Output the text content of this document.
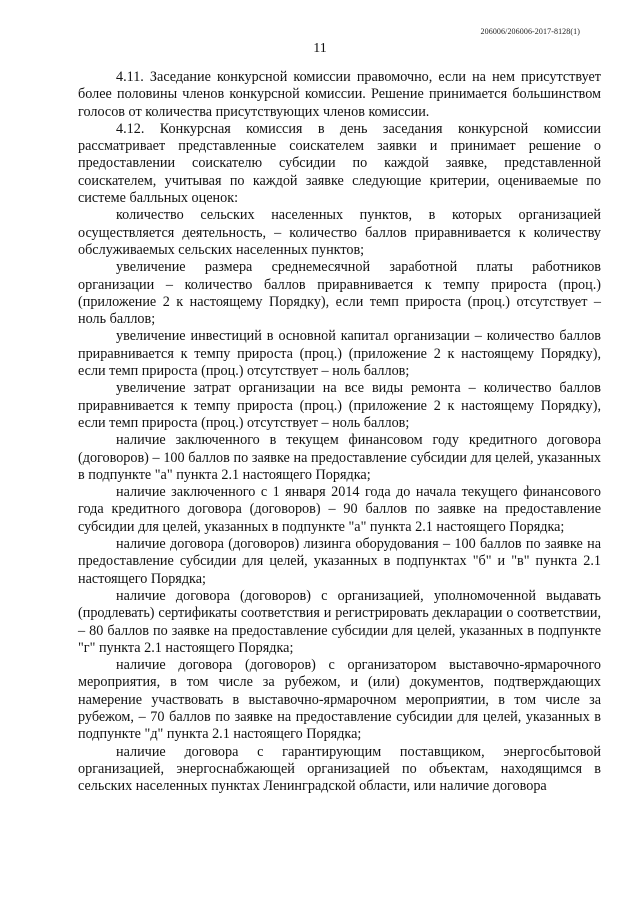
206006/206006-2017-8128(1)
11

4.11. Заседание конкурсной комиссии правомочно, если на нем присутствует более половины членов конкурсной комиссии. Решение принимается большинством голосов от количества присутствующих членов комиссии.

4.12. Конкурсная комиссия в день заседания конкурсной комиссии рассматривает представленные соискателем заявки и принимает решение о предоставлении соискателю субсидии по каждой заявке, представленной соискателем, учитывая по каждой заявке следующие критерии, оцениваемые по системе балльных оценок:

количество сельских населенных пунктов, в которых организацией осуществляется деятельность, – количество баллов приравнивается к количеству обслуживаемых сельских населенных пунктов;

увеличение размера среднемесячной заработной платы работников организации – количество баллов приравнивается к темпу прироста (проц.) (приложение 2 к настоящему Порядку), если темп прироста (проц.) отсутствует – ноль баллов;

увеличение инвестиций в основной капитал организации – количество баллов приравнивается к темпу прироста (проц.) (приложение 2 к настоящему Порядку), если темп прироста (проц.) отсутствует – ноль баллов;

увеличение затрат организации на все виды ремонта – количество баллов приравнивается к темпу прироста (проц.) (приложение 2 к настоящему Порядку), если темп прироста (проц.) отсутствует – ноль баллов;

наличие заключенного в текущем финансовом году кредитного договора (договоров) – 100 баллов по заявке на предоставление субсидии для целей, указанных в подпункте "а" пункта 2.1 настоящего Порядка;

наличие заключенного с 1 января 2014 года до начала текущего финансового года кредитного договора (договоров) – 90 баллов по заявке на предоставление субсидии для целей, указанных в подпункте "а" пункта 2.1 настоящего Порядка;

наличие договора (договоров) лизинга оборудования – 100 баллов по заявке на предоставление субсидии для целей, указанных в подпунктах "б" и "в" пункта 2.1 настоящего Порядка;

наличие договора (договоров) с организацией, уполномоченной выдавать (продлевать) сертификаты соответствия и регистрировать декларации о соответствии, – 80 баллов по заявке на предоставление субсидии для целей, указанных в подпункте "г" пункта 2.1 настоящего Порядка;

наличие договора (договоров) с организатором выставочно-ярмарочного мероприятия, в том числе за рубежом, и (или) документов, подтверждающих намерение участвовать в выставочно-ярмарочном мероприятии, в том числе за рубежом, – 70 баллов по заявке на предоставление субсидии для целей, указанных в подпункте "д" пункта 2.1 настоящего Порядка;

наличие договора с гарантирующим поставщиком, энергосбытовой организацией, энергоснабжающей организацией по объектам, находящимся в сельских населенных пунктах Ленинградской области, или наличие договора
